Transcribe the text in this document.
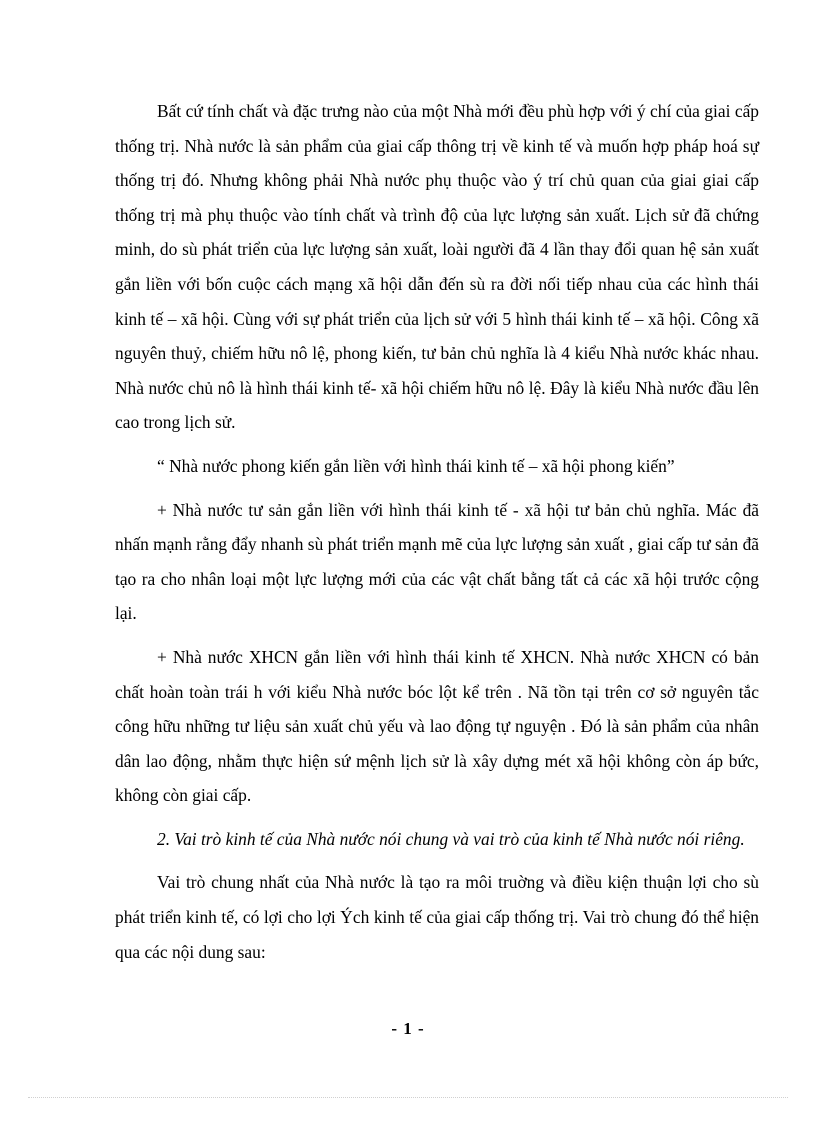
Bất cứ tính chất và đặc trưng nào của một Nhà mới đều phù hợp với ý chí của giai cấp thống trị. Nhà nước là sản phẩm của giai cấp thông trị về kinh tế và muốn hợp pháp hoá sự thống trị đó. Nhưng không phải Nhà nước phụ thuộc vào ý trí chủ quan của giai giai cấp thống trị mà phụ thuộc vào tính chất và trình độ của lực lượng sản xuất. Lịch sử đã chứng minh, do sù phát triển của lực lượng sản xuất, loài người đã 4 lần thay đổi quan hệ sản xuất gắn liền với bốn cuộc cách mạng xã hội dẫn đến sù ra đời nối tiếp nhau của các hình thái kinh tế – xã hội. Cùng với sự phát triển của lịch sử với 5 hình thái kinh tế – xã hội. Công xã nguyên thuỷ, chiếm hữu nô lệ, phong kiến, tư bản chủ nghĩa là 4 kiểu Nhà nước khác nhau. Nhà nước chủ nô là hình thái kinh tế- xã hội chiếm hữu nô lệ. Đây là kiểu Nhà nước đầu lên cao trong lịch sử.

“ Nhà nước phong kiến gắn liền với hình thái kinh tế – xã hội phong kiến”

+ Nhà nước tư sản gắn liền với hình thái kinh tế - xã hội tư bản chủ nghĩa. Mác đã nhấn mạnh rằng đẩy nhanh sù phát triển mạnh mẽ của lực lượng sản xuất , giai cấp tư sản đã tạo ra cho nhân loại một lực lượng mới của các vật chất bằng tất cả các xã hội trước cộng lại.

+ Nhà nước XHCN gắn liền với hình thái kinh tế XHCN. Nhà nước XHCN có bản chất hoàn toàn trái h với kiểu Nhà nước bóc lột kể trên . Nã tồn tại trên cơ sở nguyên tắc công hữu những tư liệu sản xuất chủ yếu và lao động tự nguyện . Đó là sản phẩm của nhân dân lao động, nhằm thực hiện sứ mệnh lịch sử là xây dựng mét xã hội không còn áp bức, không còn giai cấp.

2. Vai trò kinh tế của Nhà nước nói chung và vai trò của kinh tế Nhà nước nói riêng.

Vai trò chung nhất của Nhà nước là tạo ra môi truờng và điều kiện thuận lợi cho sù phát triển kinh tế, có lợi cho lợi Ých kinh tế của giai cấp thống trị. Vai trò chung đó thể hiện qua các nội dung sau:

- 1 -
